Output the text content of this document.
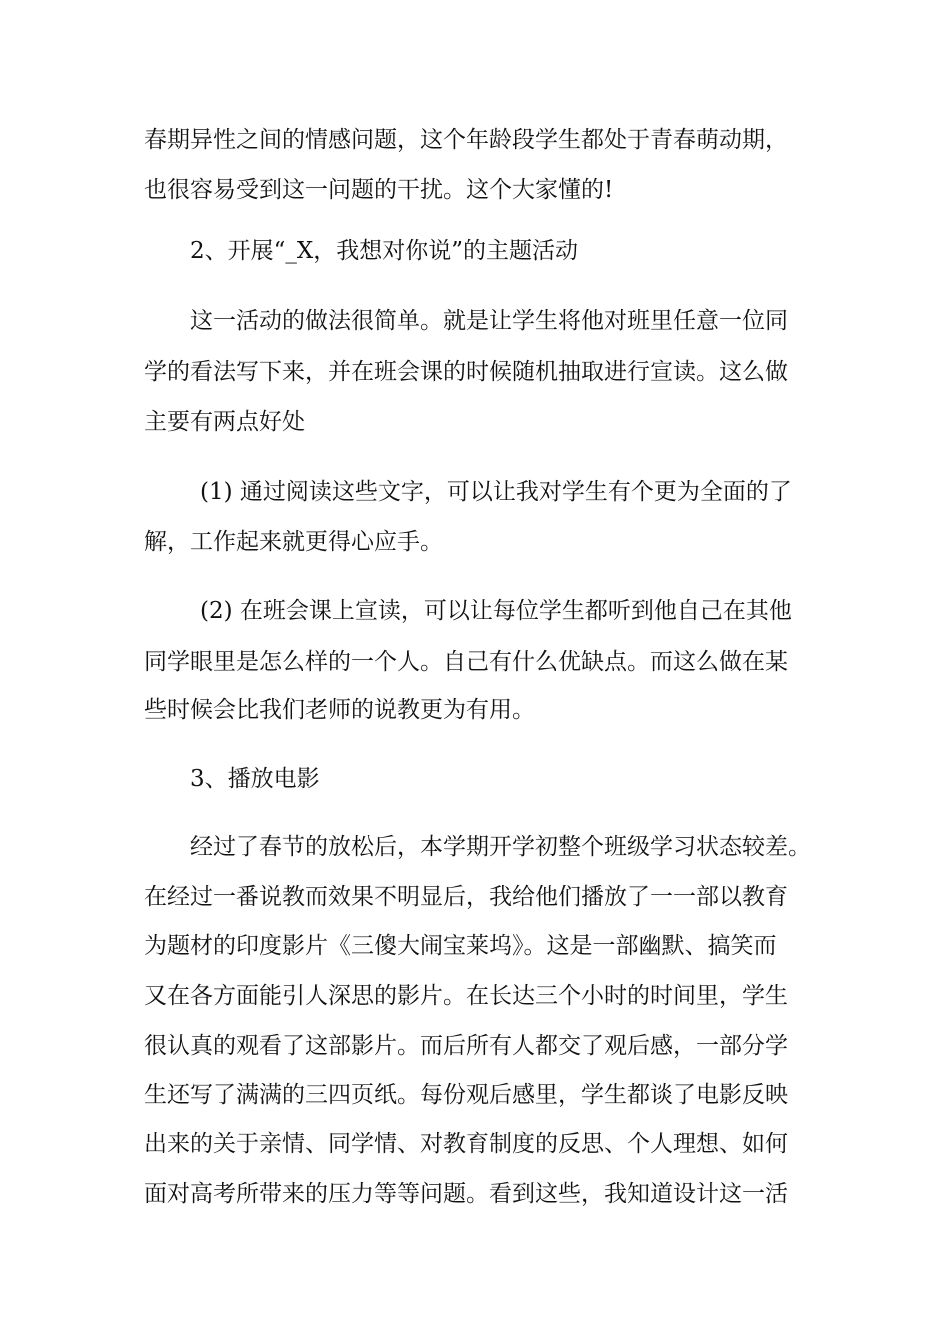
春期异性之间的情感问题，这个年龄段学生都处于青春萌动期，
也很容易受到这一问题的干扰。这个大家懂的!
2、开展“_X，我想对你说”的主题活动
这一活动的做法很简单。就是让学生将他对班里任意一位同
学的看法写下来，并在班会课的时候随机抽取进行宣读。这么做
主要有两点好处
(1) 通过阅读这些文字，可以让我对学生有个更为全面的了
解，工作起来就更得心应手。
(2) 在班会课上宣读，可以让每位学生都听到他自己在其他
同学眼里是怎么样的一个人。自己有什么优缺点。而这么做在某
些时候会比我们老师的说教更为有用。
3、播放电影
经过了春节的放松后，本学期开学初整个班级学习状态较差。
在经过一番说教而效果不明显后，我给他们播放了一一部以教育
为题材的印度影片《三傻大闹宝莱坞》。这是一部幽默、搞笑而
又在各方面能引人深思的影片。在长达三个小时的时间里，学生
很认真的观看了这部影片。而后所有人都交了观后感，一部分学
生还写了满满的三四页纸。每份观后感里，学生都谈了电影反映
出来的关于亲情、同学情、对教育制度的反思、个人理想、如何
面对高考所带来的压力等等问题。看到这些，我知道设计这一活
